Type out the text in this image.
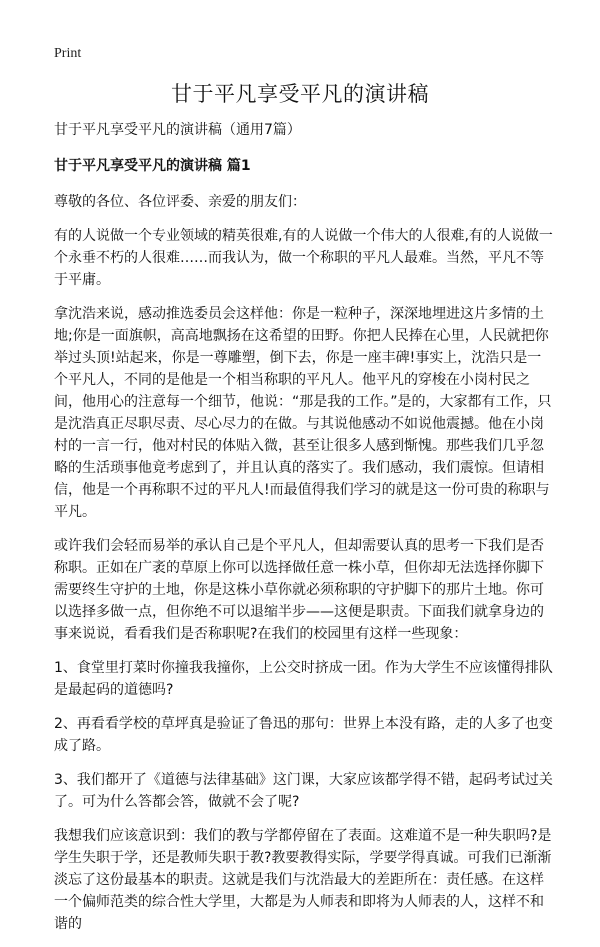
Print
甘于平凡享受平凡的演讲稿

甘于平凡享受平凡的演讲稿（通用7篇）

甘于平凡享受平凡的演讲稿 篇1

尊敬的各位、各位评委、亲爱的朋友们：

有的人说做一个专业领域的精英很难,有的人说做一个伟大的人很难,有的人说做一个永垂不朽的人很难……而我认为，做一个称职的平凡人最难。当然，平凡不等于平庸。

拿沈浩来说，感动推选委员会这样他：你是一粒种子，深深地埋进这片多情的土地;你是一面旗帜，高高地飘扬在这希望的田野。你把人民捧在心里，人民就把你举过头顶!站起来，你是一尊雕塑，倒下去，你是一座丰碑!事实上，沈浩只是一个平凡人，不同的是他是一个相当称职的平凡人。他平凡的穿梭在小岗村民之间，他用心的注意每一个细节，他说：“那是我的工作。”是的，大家都有工作，只是沈浩真正尽职尽责、尽心尽力的在做。与其说他感动不如说他震撼。他在小岗村的一言一行，他对村民的体贴入微，甚至让很多人感到惭愧。那些我们几乎忽略的生活琐事他竟考虑到了，并且认真的落实了。我们感动，我们震惊。但请相信，他是一个再称职不过的平凡人!而最值得我们学习的就是这一份可贵的称职与平凡。

或许我们会轻而易举的承认自己是个平凡人，但却需要认真的思考一下我们是否称职。正如在广袤的草原上你可以选择做任意一株小草，但你却无法选择你脚下需要终生守护的土地，你是这株小草你就必须称职的守护脚下的那片土地。你可以选择多做一点，但你绝不可以退缩半步——这便是职责。下面我们就拿身边的事来说说，看看我们是否称职呢?在我们的校园里有这样一些现象：

1、食堂里打菜时你撞我我撞你，上公交时挤成一团。作为大学生不应该懂得排队是最起码的道德吗?

2、再看看学校的草坪真是验证了鲁迅的那句：世界上本没有路，走的人多了也变成了路。

3、我们都开了《道德与法律基础》这门课，大家应该都学得不错，起码考试过关了。可为什么答都会答，做就不会了呢?

我想我们应该意识到：我们的教与学都停留在了表面。这难道不是一种失职吗?是学生失职于学，还是教师失职于教?教要教得实际，学要学得真诚。可我们已渐渐淡忘了这份最基本的职责。这就是我们与沈浩最大的差距所在：责任感。在这样一个偏师范类的综合性大学里，大都是为人师表和即将为人师表的人，这样不和谐的
